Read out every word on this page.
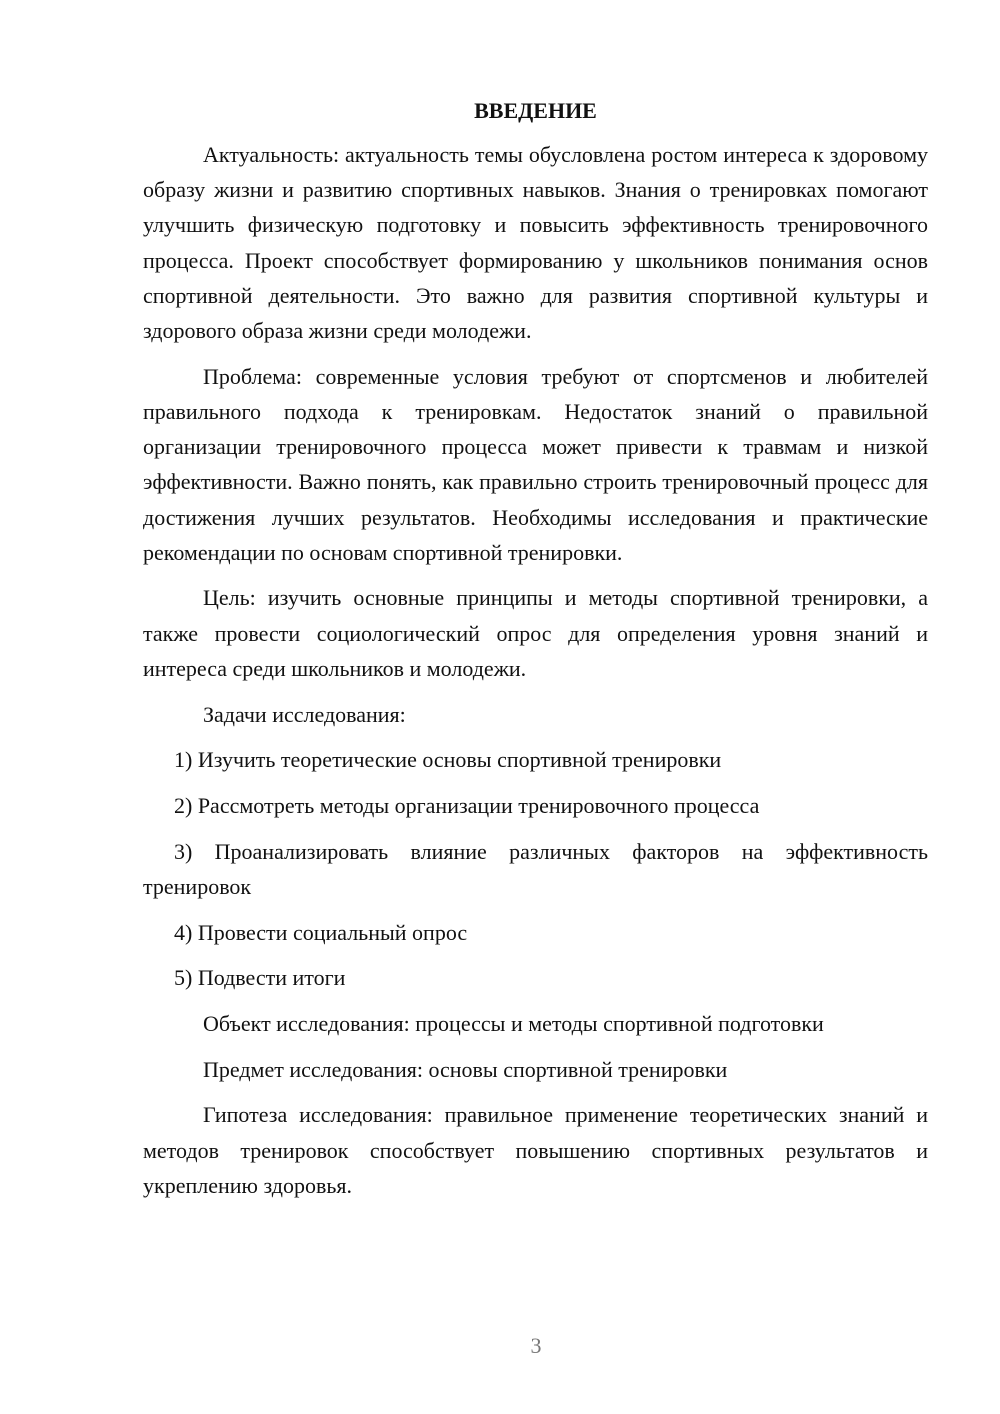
ВВЕДЕНИЕ

Актуальность: актуальность темы обусловлена ростом интереса к здоровому образу жизни и развитию спортивных навыков. Знания о тренировках помогают улучшить физическую подготовку и повысить эффективность тренировочного процесса. Проект способствует формированию у школьников понимания основ спортивной деятельности. Это важно для развития спортивной культуры и здорового образа жизни среди молодежи.

Проблема: современные условия требуют от спортсменов и любителей правильного подхода к тренировкам. Недостаток знаний о правильной организации тренировочного процесса может привести к травмам и низкой эффективности. Важно понять, как правильно строить тренировочный процесс для достижения лучших результатов. Необходимы исследования и практические рекомендации по основам спортивной тренировки.

Цель: изучить основные принципы и методы спортивной тренировки, а также провести социологический опрос для определения уровня знаний и интереса среди школьников и молодежи.

Задачи исследования:

1) Изучить теоретические основы спортивной тренировки

2) Рассмотреть методы организации тренировочного процесса

3) Проанализировать влияние различных факторов на эффективность тренировок

4) Провести социальный опрос

5) Подвести итоги

Объект исследования: процессы и методы спортивной подготовки

Предмет исследования: основы спортивной тренировки

Гипотеза исследования: правильное применение теоретических знаний и методов тренировок способствует повышению спортивных результатов и укреплению здоровья.

3
